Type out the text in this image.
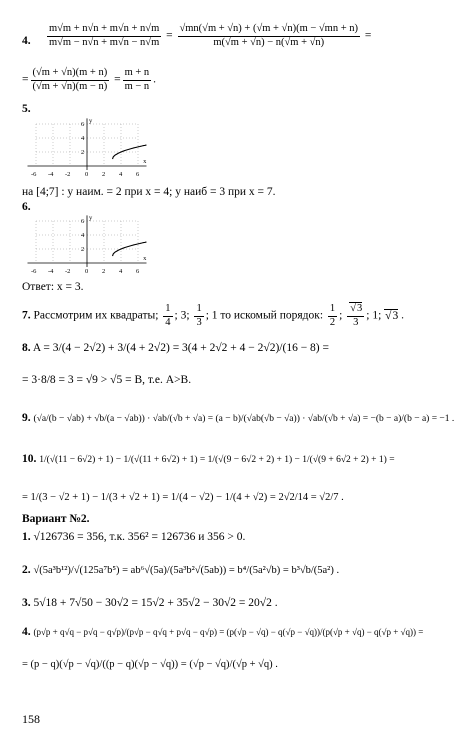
4. $\frac{m√m + n√n + m√n + n√m}{m√m - n√n + m√n - n√m} = \frac{√mn(√m + √n) + (√m + √n)(m - √mn + n)}{m(√m + √n) - n(√m + √n)}$ =
= $\frac{(√m + √n)(m + n)}{(√m + √n)(m - n)} = \frac{m + n}{m - n}$ .
5.
-6 -4 -2 0 2 4 6
6
4
2
x
y
на [4;7] : y наим. = 2 при x = 4; y наиб = 3 при x = 7.
6.
-6 -4 -2 0 2 4 6
6
4
2
x
y
Ответ: x = 3.
7. Рассмотрим их квадраты; $\frac{1}{4}$ ; 3; $\frac{1}{3}$ ; 1 то искомый порядок: $\frac{1}{2}$ ;
√ $\frac{3}{3}$ ; 1; √ 3 .
8. A = 3/(4 − 2√2) + 3/(4 + 2√2) = 3(4 + 2√2 + 4 − 2√2)/(16 − 8) =
= 3·8/8 = 3 = √9 > √5 = B, т.е. A>B.
9. (√a/(b − √ab) + √b/(a − √ab)) · √ab/(√b + √a) = (a − b)/(√ab(√b − √a)) · √ab/(√b + √a) = −(b − a)/(b − a) = −1 .
10. 1/(√(11 − 6√2) + 1) − 1/(√(11 + 6√2) + 1) = 1/(√(9 − 6√2 + 2) + 1) − 1/(√(9 + 6√2 + 2) + 1) =
= 1/(3 − √2 + 1) − 1/(3 + √2 + 1) = 1/(4 − √2) − 1/(4 + √2) = 2√2/14 = √2/7 .
Вариант №2.
1. √126736 = 356, т.к. 356² = 126736 и 356 > 0.
2. √(5a³b¹²)/√(125a⁷b⁵) = ab⁶√(5a)/(5a³b²√(5ab)) = b⁴/(5a²√b) = b³√b/(5a²) .
3. 5√18 + 7√50 − 30√2 = 15√2 + 35√2 − 30√2 = 20√2 .
4. (p√p + q√q − p√q − q√p)/(p√p − q√q + p√q − q√p) = (p(√p − √q) − q(√p − √q))/(p(√p + √q) − q(√p + √q)) =
= (p − q)(√p − √q)/((p − q)(√p − √q)) = (√p − √q)/(√p + √q) .
158
